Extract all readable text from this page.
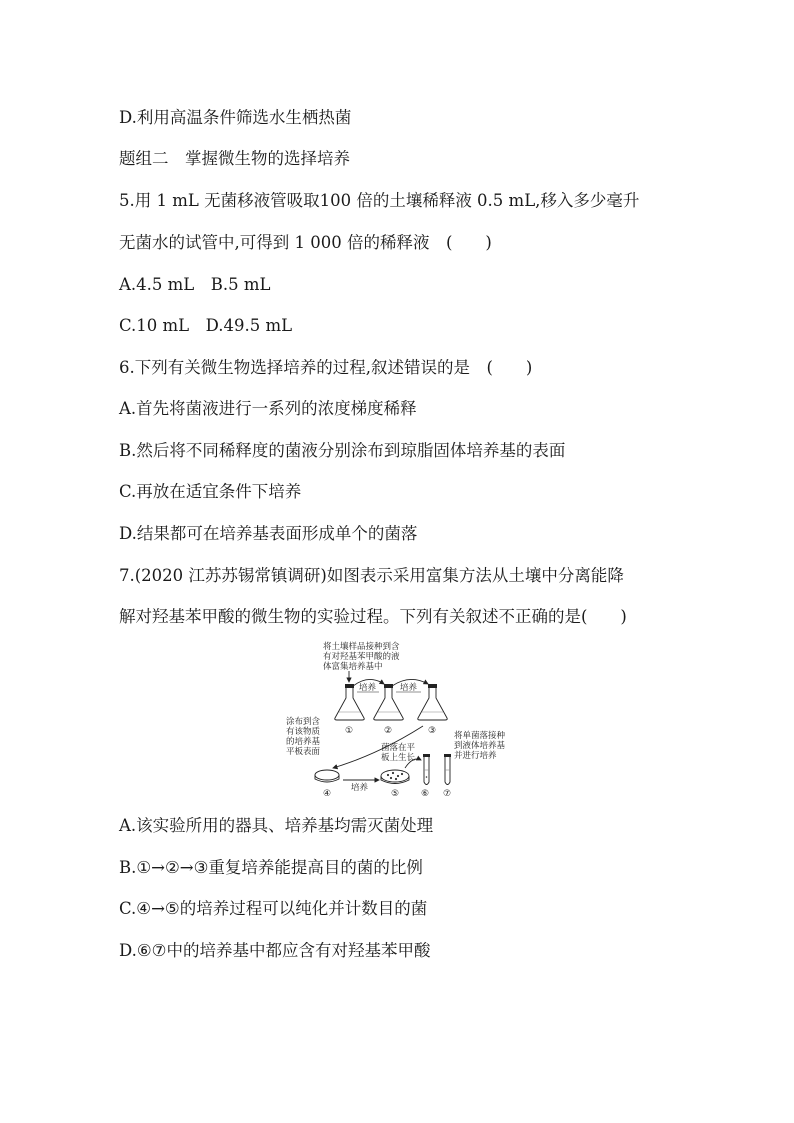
D.利用高温条件筛选水生栖热菌
题组二　掌握微生物的选择培养
5.用 1 mL 无菌移液管吸取100 倍的土壤稀释液 0.5 mL,移入多少毫升
无菌水的试管中,可得到 1 000 倍的稀释液　(　　)
A.4.5 mL　B.5 mL
C.10 mL　D.49.5 mL
6.下列有关微生物选择培养的过程,叙述错误的是　(　　)
A.首先将菌液进行一系列的浓度梯度稀释
B.然后将不同稀释度的菌液分别涂布到琼脂固体培养基的表面
C.再放在适宜条件下培养
D.结果都可在培养基表面形成单个的菌落
7.(2020 江苏苏锡常镇调研)如图表示采用富集方法从土壤中分离能降
解对羟基苯甲酸的微生物的实验过程。下列有关叙述不正确的是(　　)
将土壤样品接种到含
有对羟基苯甲酸的液
体富集培养基中
培养	培养
①	②	③
涂布到含
有该物质
的培养基
平板表面
④
培养
菌落在平
板上生长
⑤ ⑥ ⑦
将单菌落接种
到液体培养基
并进行培养
A.该实验所用的器具、培养基均需灭菌处理
B.①→②→③重复培养能提高目的菌的比例
C.④→⑤的培养过程可以纯化并计数目的菌
D.⑥⑦中的培养基中都应含有对羟基苯甲酸
